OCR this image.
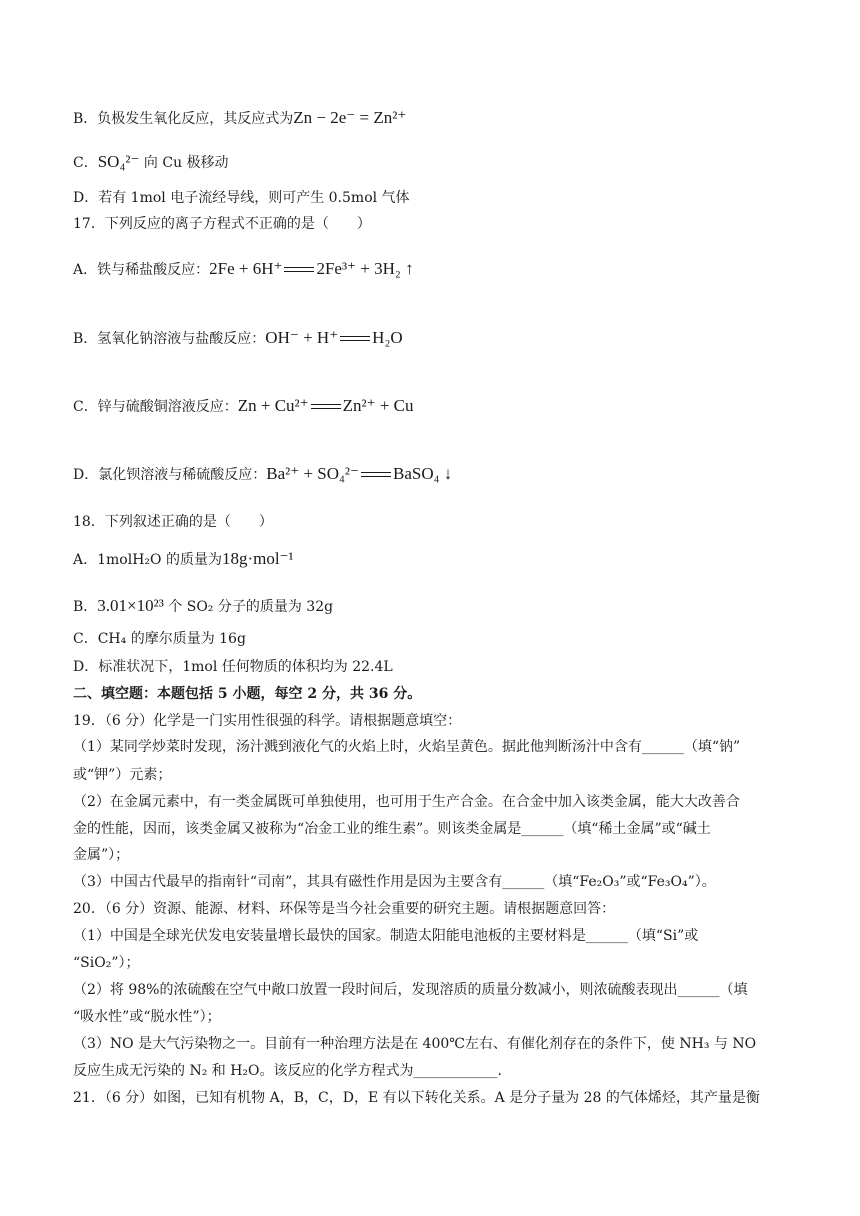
B．负极发生氧化反应，其反应式为Zn − 2e⁻ = Zn²⁺
C．SO₄²⁻ 向 Cu 极移动
D．若有 1mol 电子流经导线，则可产生 0.5mol 气体
17．下列反应的离子方程式不正确的是（　　）
A．铁与稀盐酸反应：2Fe + 6H⁺ 2Fe³⁺ + 3H₂ ↑
B．氢氧化钠溶液与盐酸反应：OH⁻ + H⁺ H₂O
C．锌与硫酸铜溶液反应：Zn + Cu²⁺ Zn²⁺ + Cu
D．氯化钡溶液与稀硫酸反应：Ba²⁺ + SO₄²⁻ BaSO₄ ↓
18．下列叙述正确的是（　　）
A．1molH₂O 的质量为18g·mol⁻¹
B．3.01×10²³ 个 SO₂ 分子的质量为 32g
C．CH₄ 的摩尔质量为 16g
D．标准状况下，1mol 任何物质的体积均为 22.4L
二、填空题：本题包括 5 小题，每空 2 分，共 36 分。
19．（6 分）化学是一门实用性很强的科学。请根据题意填空：
（1）某同学炒菜时发现，汤汁溅到液化气的火焰上时，火焰呈黄色。据此他判断汤汁中含有______（填“钠”
或“钾”）元素；
（2）在金属元素中，有一类金属既可单独使用，也可用于生产合金。在合金中加入该类金属，能大大改善合
金的性能，因而，该类金属又被称为“冶金工业的维生素”。则该类金属是______（填“稀土金属”或“碱土
金属”）；
（3）中国古代最早的指南针“司南”，其具有磁性作用是因为主要含有______（填“Fe₂O₃”或“Fe₃O₄”）。
20．（6 分）资源、能源、材料、环保等是当今社会重要的研究主题。请根据题意回答：
（1）中国是全球光伏发电安装量增长最快的国家。制造太阳能电池板的主要材料是______（填“Si”或
“SiO₂”）；
（2）将 98%的浓硫酸在空气中敞口放置一段时间后，发现溶质的质量分数减小，则浓硫酸表现出______（填
“吸水性”或“脱水性”）；
（3）NO 是大气污染物之一。目前有一种治理方法是在 400℃左右、有催化剂存在的条件下，使 NH₃ 与 NO
反应生成无污染的 N₂ 和 H₂O。该反应的化学方程式为____________.
21．（6 分）如图，已知有机物 A，B，C，D，E 有以下转化关系。A 是分子量为 28 的气体烯烃，其产量是衡
